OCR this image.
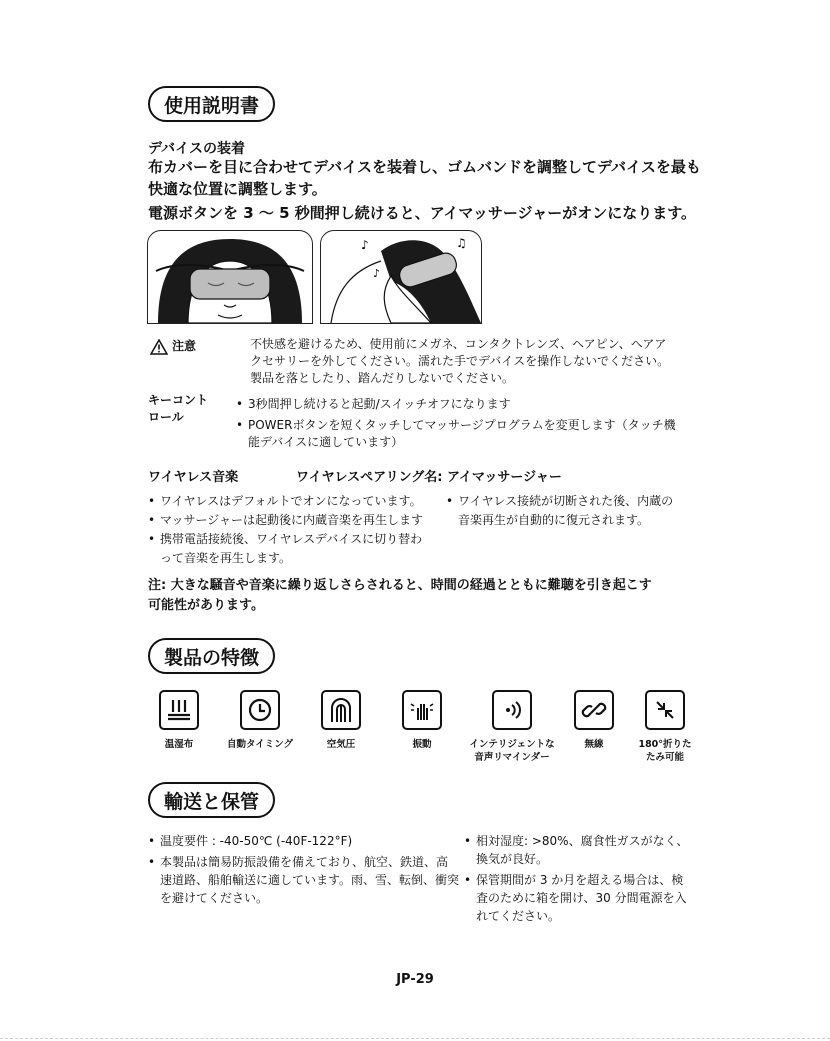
使用説明書
デバイスの装着
布カバーを目に合わせてデバイスを装着し、ゴムバンドを調整してデバイスを最も
快適な位置に調整します。
電源ボタンを 3 ～ 5 秒間押し続けると、アイマッサージャーがオンになります。
♪	♫
♪
注意	不快感を避けるため、使用前にメガネ、コンタクトレンズ、ヘアピン、ヘアア
クセサリーを外してください。濡れた手でデバイスを操作しないでください。
製品を落としたり、踏んだりしないでください。
キーコント
ロール
• 3秒間押し続けると起動/スイッチオフになります
• POWERボタンを短くタッチしてマッサージプログラムを変更します（タッチ機
能デバイスに適しています）
ワイヤレス音楽	ワイヤレスペアリング名: アイマッサージャー
• ワイヤレスはデフォルトでオンになっています。
• マッサージャーは起動後に内蔵音楽を再生します
• 携帯電話接続後、ワイヤレスデバイスに切り替わ
って音楽を再生します。
• ワイヤレス接続が切断された後、内蔵の
音楽再生が自動的に復元されます。
注: 大きな騒音や音楽に繰り返しさらされると、時間の経過とともに難聴を引き起こす
可能性があります。
製品の特徴
温湿布	自動タイミング	空気圧	振動	インテリジェントな
音声リマインダー
無線	180°折りた
たみ可能
輸送と保管
• 温度要件 : -40-50℃ (-40F-122°F)
• 本製品は簡易防振設備を備えており、航空、鉄道、高
速道路、船舶輸送に適しています。雨、雪、転倒、衝突
を避けてください。
• 相対湿度: >80%、腐食性ガスがなく、
換気が良好。
• 保管期間が 3 か月を超える場合は、検
査のために箱を開け、30 分間電源を入
れてください。
JP-29
